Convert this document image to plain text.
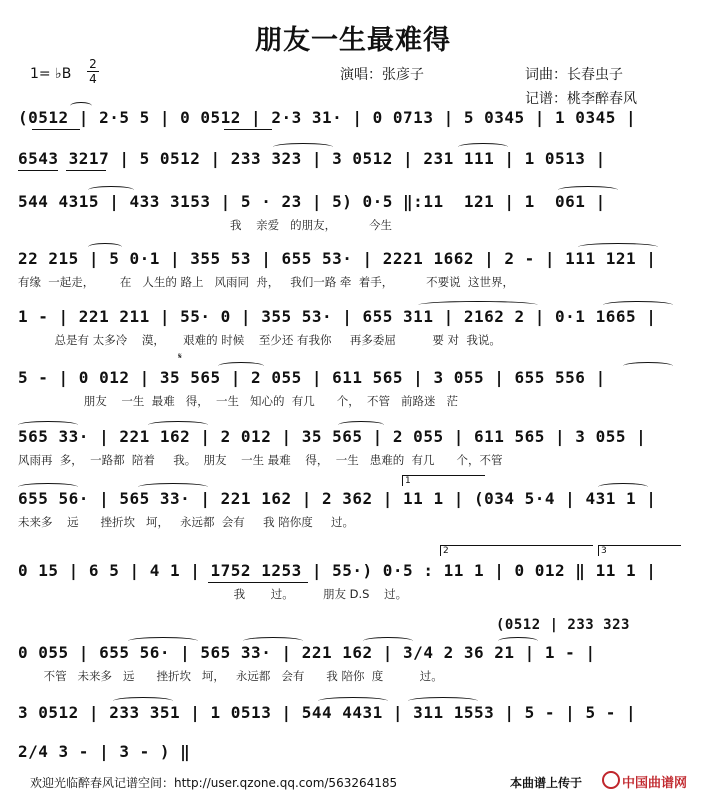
朋友一生最难得
1= ♭B
2
4	演唱：张彦子	词曲：长春虫子
记谱：桃李醉春风
(0512 | 2·5 5 | 0 0512 | 2·3 31· | 0 0713 | 5 0345 | 1 0345 |
6543 3217 | 5 0512 | 233 323 | 3 0512 | 231 111 | 1 0513 |
544 4315 | 433 3153 | 5 · 23 | 5) 0·5 ‖:11  121 | 1  061 |
我    亲爱   的朋友，         今生
22 215 | 5 0·1 | 355 53 | 655 53· | 2221 1662 | 2 - | 111 121 |
有缘  一起走，       在   人生的 路上   风雨同  舟，   我们一路 牵  着手，         不要说  这世界，
1 - | 221 211 | 55· 0 | 355 53· | 655 311 | 2162 2 | 0·1 1665 |
总是有 太多冷    漠，     艰难的 时候    至少还 有我你     再多委屈          要 对  我说。
5 - | 0 012 | 35 565 | 2 055 | 611 565 | 3 055 | 655 556 |
朋友    一生  最难   得，  一生   知心的  有几      个，  不管   前路迷   茫
𝄋
565 33· | 221 162 | 2 012 | 35 565 | 2 055 | 611 565 | 3 055 |
风雨再  多，  一路都  陪着     我。  朋友    一生 最难    得，  一生   患难的  有几      个，不管
655 56· | 565 33· | 221 162 | 2 362 | 11 1 | (034 5·4 | 431 1 |
未来多    远      挫折坎   坷，   永远都  会有     我 陪你度     过。
1
0 15 | 6 5 | 4 1 | 1752 1253 | 55·) 0·5 : 11 1 | 0 012 ‖ 11 1 |
我       过。        朋友 D.S    过。
2	3
0 055 | 655 56· | 565 33· | 221 162 | 3/4 2 36 21 | 1 - |
不管   未来多   远      挫折坎   坷，   永远都   会有      我 陪你  度          过。
(0512 | 233 323
3 0512 | 233 351 | 1 0513 | 544 4431 | 311 1553 | 5 - | 5 - |
2/4 3 - | 3 - ) ‖
欢迎光临醉春风记谱空间：http://user.qzone.qq.com/563264185	本曲谱上传于	中国曲谱网
